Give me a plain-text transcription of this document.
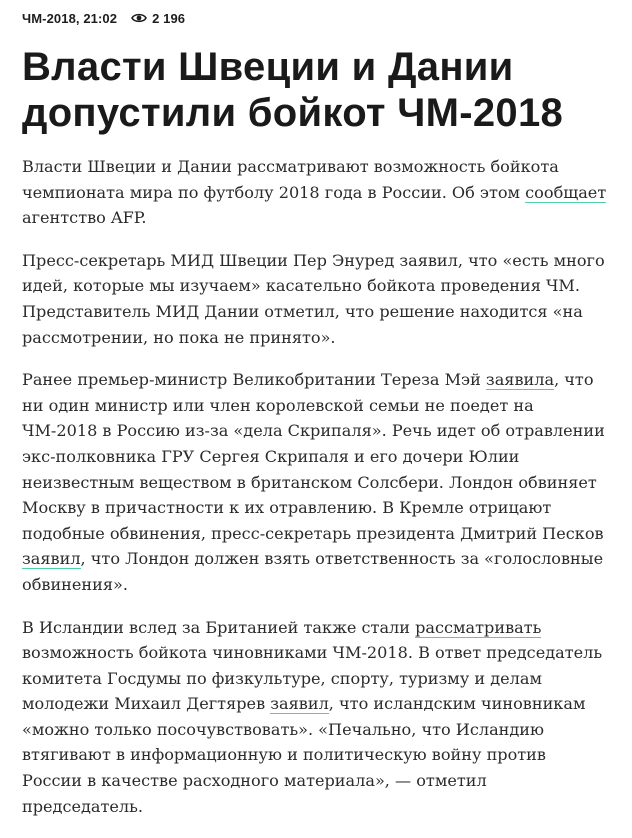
ЧМ-2018, 21:02	2 196
Власти Швеции и Дании допустили бойкот ЧМ-2018

Власти Швеции и Дании рассматривают возможность бойкота чемпионата мира по футболу 2018 года в России. Об этом сообщает агентство AFP.

Пресс-секретарь МИД Швеции Пер Энуред заявил, что «есть много идей, которые мы изучаем» касательно бойкота проведения ЧМ. Представитель МИД Дании отметил, что решение находится «на рассмотрении, но пока не принято».

Ранее премьер-министр Великобритании Тереза Мэй заявила, что ни один министр или член королевской семьи не поедет на ЧМ-2018 в Россию из-за «дела Скрипаля». Речь идет об отравлении экс-полковника ГРУ Сергея Скрипаля и его дочери Юлии неизвестным веществом в британском Солсбери. Лондон обвиняет Москву в причастности к их отравлению. В Кремле отрицают подобные обвинения, пресс-секретарь президента Дмитрий Песков заявил, что Лондон должен взять ответственность за «голословные обвинения».

В Исландии вслед за Британией также стали рассматривать возможность бойкота чиновниками ЧМ-2018. В ответ председатель комитета Госдумы по физкультуре, спорту, туризму и делам молодежи Михаил Дегтярев заявил, что исландским чиновникам «можно только посочувствовать». «Печально, что Исландию втягивают в информационную и политическую войну против России в качестве расходного материала», — отметил председатель.
